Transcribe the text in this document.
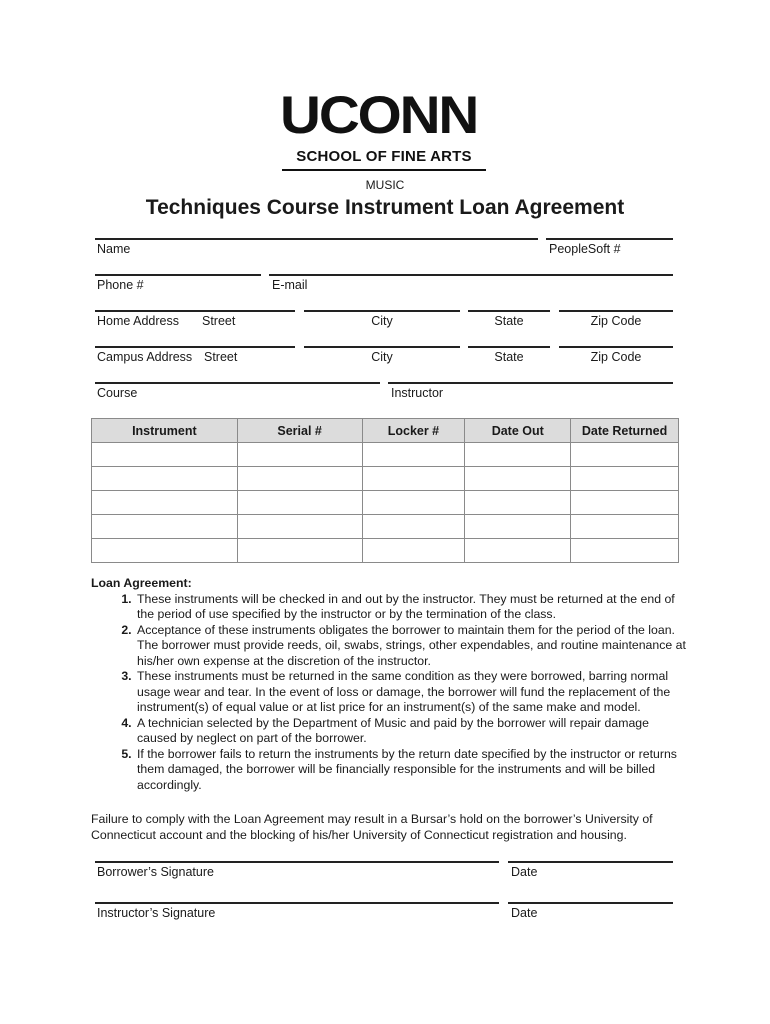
UCONN
SCHOOL OF FINE ARTS
MUSIC
Techniques Course Instrument Loan Agreement
Name	PeopleSoft #
Phone #	E-mail
Home Address Street	City	State	Zip Code
Campus Address Street	City	State	Zip Code
Course	Instructor
Instrument	Serial #	Locker #	Date Out	Date Returned

Loan Agreement:
1. These instruments will be checked in and out by the instructor. They must be returned at the end of the period of use specified by the instructor or by the termination of the class.
2. Acceptance of these instruments obligates the borrower to maintain them for the period of the loan. The borrower must provide reeds, oil, swabs, strings, other expendables, and routine maintenance at his/her own expense at the discretion of the instructor.
3. These instruments must be returned in the same condition as they were borrowed, barring normal usage wear and tear. In the event of loss or damage, the borrower will fund the replacement of the instrument(s) of equal value or at list price for an instrument(s) of the same make and model.
4. A technician selected by the Department of Music and paid by the borrower will repair damage caused by neglect on part of the borrower.
5. If the borrower fails to return the instruments by the return date specified by the instructor or returns them damaged, the borrower will be financially responsible for the instruments and will be billed accordingly.
Failure to comply with the Loan Agreement may result in a Bursar’s hold on the borrower’s University of Connecticut account and the blocking of his/her University of Connecticut registration and housing.
Borrower’s Signature	Date
Instructor’s Signature	Date
